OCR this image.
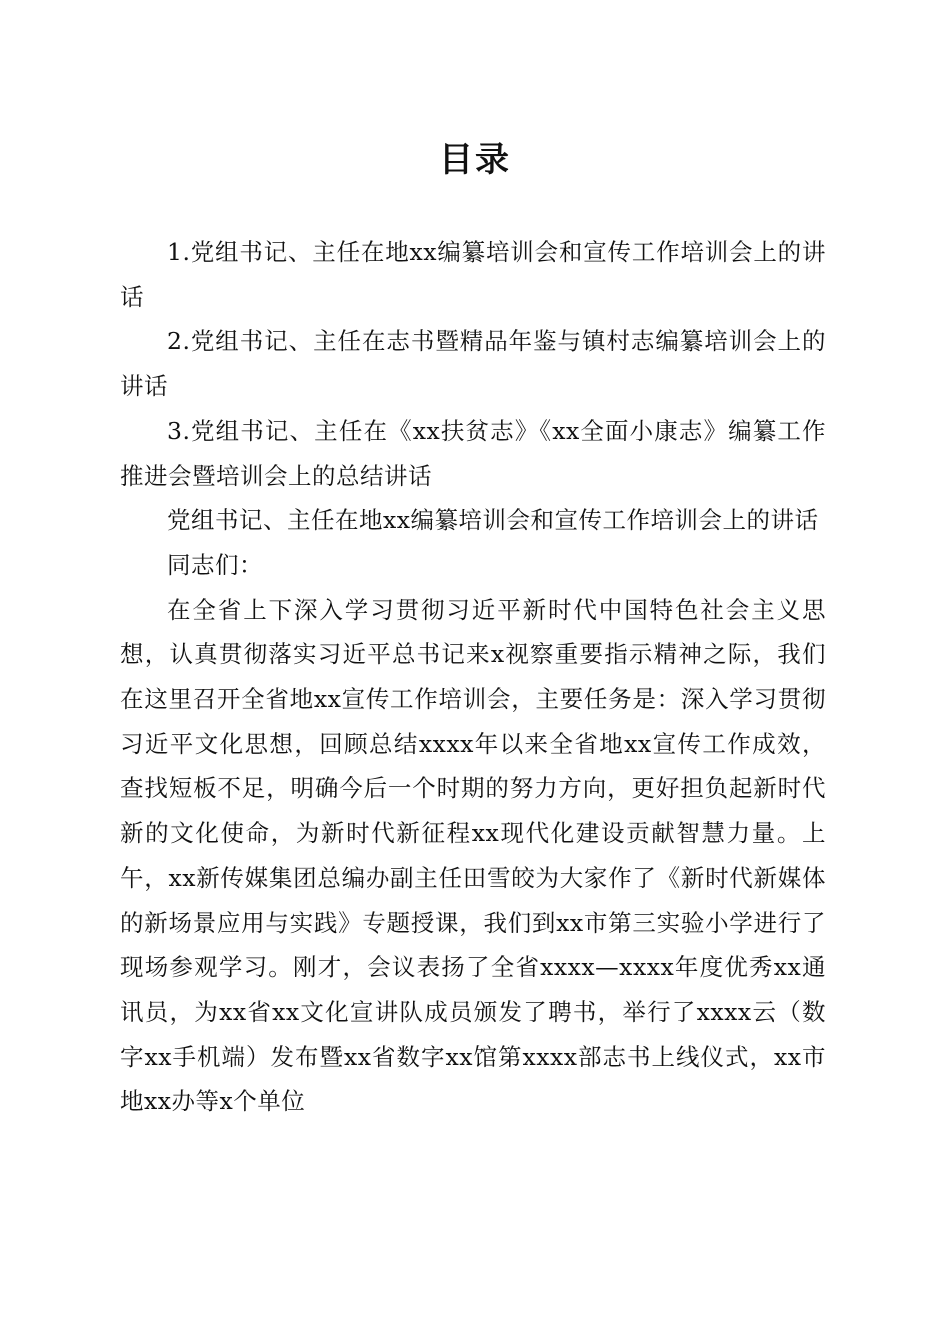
目录

1.党组书记、主任在地xx编纂培训会和宣传工作培训会上的讲话

2.党组书记、主任在志书暨精品年鉴与镇村志编纂培训会上的讲话

3.党组书记、主任在《xx扶贫志》《xx全面小康志》编纂工作推进会暨培训会上的总结讲话

党组书记、主任在地xx编纂培训会和宣传工作培训会上的讲话

同志们：

在全省上下深入学习贯彻习近平新时代中国特色社会主义思想，认真贯彻落实习近平总书记来x视察重要指示精神之际，我们在这里召开全省地xx宣传工作培训会，主要任务是：深入学习贯彻习近平文化思想，回顾总结xxxx年以来全省地xx宣传工作成效，查找短板不足，明确今后一个时期的努力方向，更好担负起新时代新的文化使命，为新时代新征程xx现代化建设贡献智慧力量。上午，xx新传媒集团总编办副主任田雪皎为大家作了《新时代新媒体的新场景应用与实践》专题授课，我们到xx市第三实验小学进行了现场参观学习。刚才，会议表扬了全省xxxx—xxxx年度优秀xx通讯员，为xx省xx文化宣讲队成员颁发了聘书，举行了xxxx云（数字xx手机端）发布暨xx省数字xx馆第xxxx部志书上线仪式，xx市地xx办等x个单位
